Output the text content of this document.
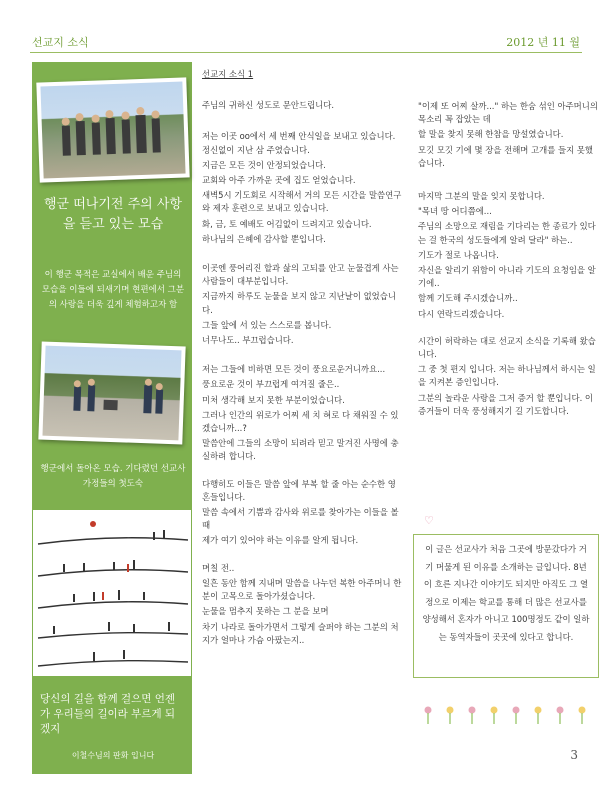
선교지 소식	2012 년 11 월
행군 떠나기전 주의 사항을 듣고 있는 모습
이 행군 목적은 교실에서 배운 주님의 모습을 이들에 되새기며 현편에서 그분의 사랑을 더욱 깊게 체험하고자 함
행군에서 돌아온 모습. 기다렸던 선교사 가정들의 첫도숙
당신의 길을 함께 걸으면 언젠가 우리들의 길이라 부르게 되겠지
이철수님의 판화 입니다

선교지 소식 1

주님의 귀하신 성도로 문안드립니다.

저는 이곳 oo에서 세 번째 안식일을 보내고 있습니다. 정신없이 지난 삼 주였습니다.

지금은 모든 것이 안정되었습니다.

교회와 아주 가까운 곳에 집도 얻었습니다.

새벽5시 기도회로 시작해서 거의 모든 시간을 말씀연구와 제자 훈련으로 보내고 있습니다.

화, 금, 토 예배도 어김없이 드려지고 있습니다.

하나님의 은혜에 감사할 뿐입니다.

이곳엔 풍어리진 할과 삶의 고되를 안고 눈물겹게 사는 사람들이 대부분입니다.

지금까지 하루도 눈물을 보지 않고 지난날이 없었습니다.

그들 앞에 서 있는 스스로를 봅니다.

너무나도.. 부끄럽습니다.

저는 그들에 비하면 모든 것이 풍요로운거니까요...

풍요로운 것이 부끄럽게 여겨질 줄은..

미처 생각해 보지 못한 부분이었습니다.

그러나 인간의 위로가 어찌 세 치 혀로 다 채워질 수 있겠습니까...?

말씀안에 그들의 소망이 되려라 믿고 말겨진 사명에 충실하려 합니다.

다행히도 이들은 말씀 앞에 부복 할 줄 아는 순수한 영혼들입니다.

말씀 속에서 기쁨과 감사와 위로를 찾아가는 이들을 볼 때

제가 여기 있어야 하는 이유를 알게 됩니다.

며칠 전..

일흔 동안 함께 지내며 말씀을 나누던 복한 아주머니 한 분이 고목으로 돌아가셨습니다.

눈물을 멈추지 못하는 그 분을 보며

차기 나라로 돌아가면서 그렇게 슬퍼야 하는 그분의 처지가 얼마나 가슴 아팠는지..

"이제 또 어찌 살까..." 하는 한숨 섞인 아주머니의 목소리 꼭 잡았는 데

할 말을 찾지 못해 한참을 망설였습니다.

모깃 모깃 기에 몇 장을 전해며 고개를 들지 못했습니다.

마지막 그분의 말을 잊지 못합니다.

"목녀 땅 어디쯤에...

주님의 소망으로 재림을 기다리는 한 종료가 있다는 걸 한국의 성도들에게 알려 달라" 하는..

기도가 절로 나옵니다.

자신을 알리기 위함이 아니라 기도의 요청임을 알기에..

함께 기도해 주시겠습니까..

다시 연락드리겠습니다.

시간이 허락하는 대로 선교지 소식을 기록해 왔습니다.

그 중 첫 편지 입니다. 저는 하나님께서 하시는 일을 지켜본 증인입니다.

그분의 놀라운 사랑을 그저 증거 할 뿐입니다. 이 증거들이 더욱 풍성해지기 길 기도합니다.

♡
이 글은 선교사가 처음 그곳에 방문갔다가 거기 머물게 된 이유를 소개하는 글입니다. 8년이 흐른 지나간 이야기도 되지만 아직도 그 열정으로 이제는 학교를 통해 더 많은 선교사를 양성해서 혼자가 아니고 100명정도 같이 일하는 동역자들이 곳곳에 있다고 합니다.
3
